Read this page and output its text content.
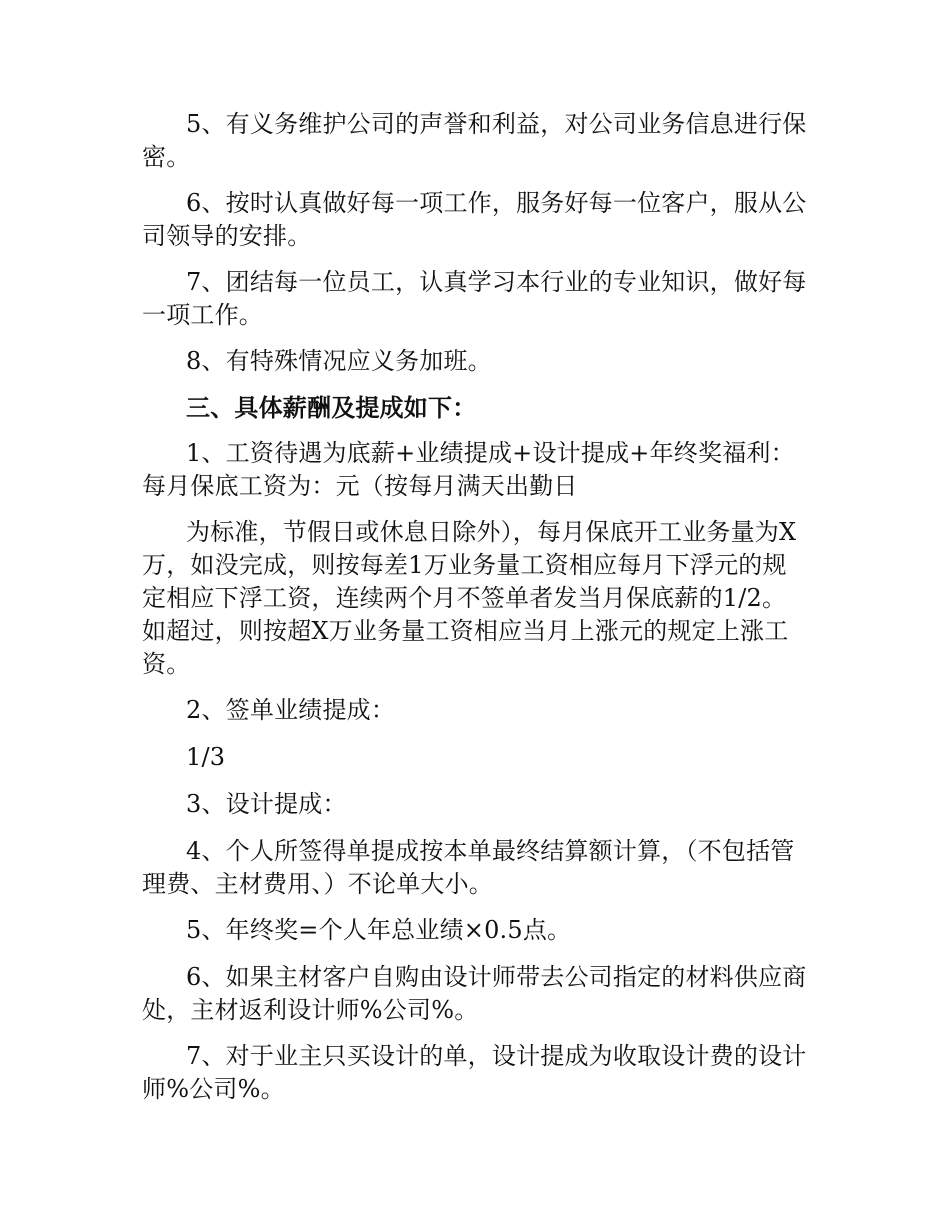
5、有义务维护公司的声誉和利益，对公司业务信息进行保密。

6、按时认真做好每一项工作，服务好每一位客户，服从公司领导的安排。

7、团结每一位员工，认真学习本行业的专业知识，做好每一项工作。

8、有特殊情况应义务加班。

三、具体薪酬及提成如下：

1、工资待遇为底薪+业绩提成+设计提成+年终奖福利：每月保底工资为：元（按每月满天出勤日

为标准，节假日或休息日除外），每月保底开工业务量为X万，如没完成，则按每差1万业务量工资相应每月下浮元的规定相应下浮工资，连续两个月不签单者发当月保底薪的1/2。如超过，则按超X万业务量工资相应当月上涨元的规定上涨工资。

2、签单业绩提成：

1/3

3、设计提成：

4、个人所签得单提成按本单最终结算额计算，（不包括管理费、主材费用、）不论单大小。

5、年终奖=个人年总业绩×0.5点。

6、如果主材客户自购由设计师带去公司指定的材料供应商处，主材返利设计师%公司%。

7、对于业主只买设计的单，设计提成为收取设计费的设计师%公司%。
